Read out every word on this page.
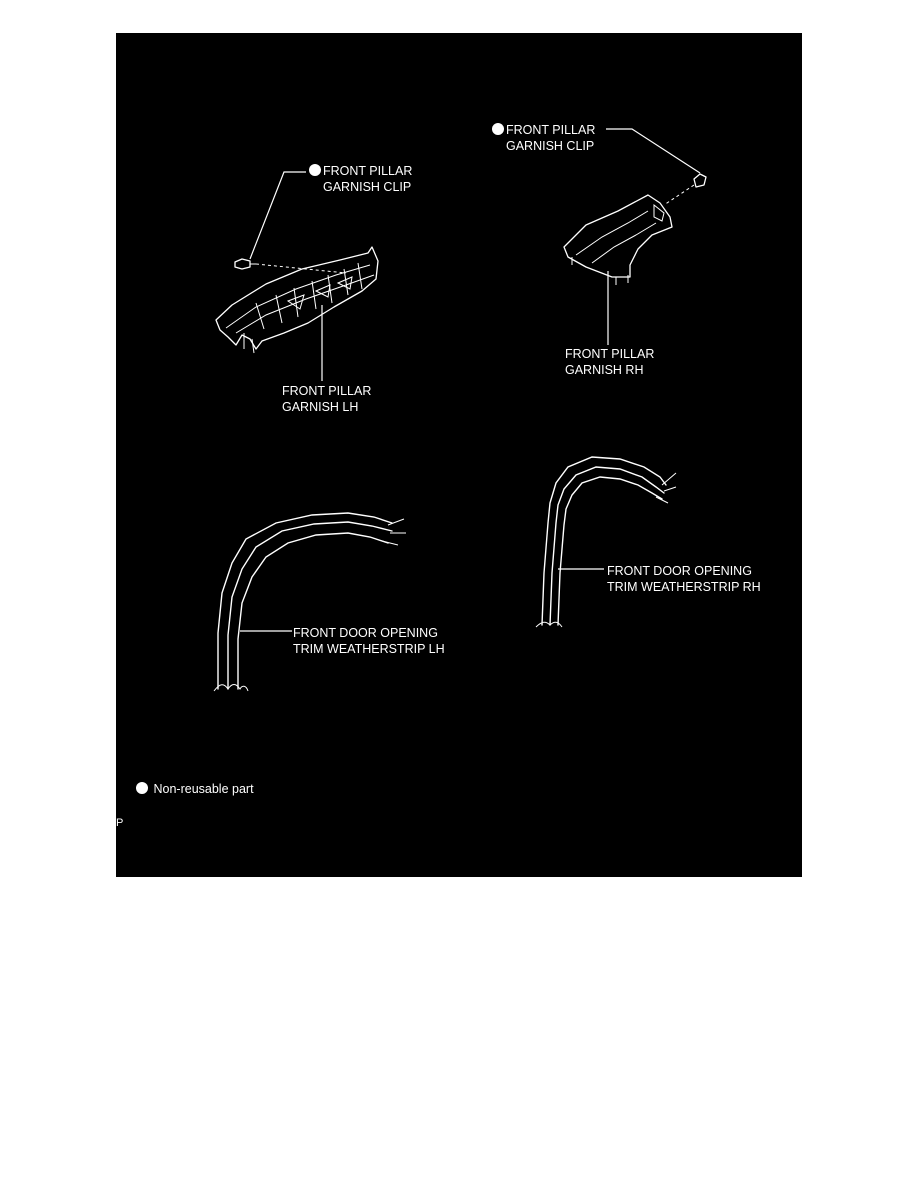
FRONT PILLAR
GARNISH CLIP
FRONT PILLAR
GARNISH LH
FRONT PILLAR
GARNISH CLIP
FRONT PILLAR
GARNISH RH
FRONT DOOR OPENING
TRIM WEATHERSTRIP LH
FRONT DOOR OPENING
TRIM WEATHERSTRIP RH
Non-reusable part
P
